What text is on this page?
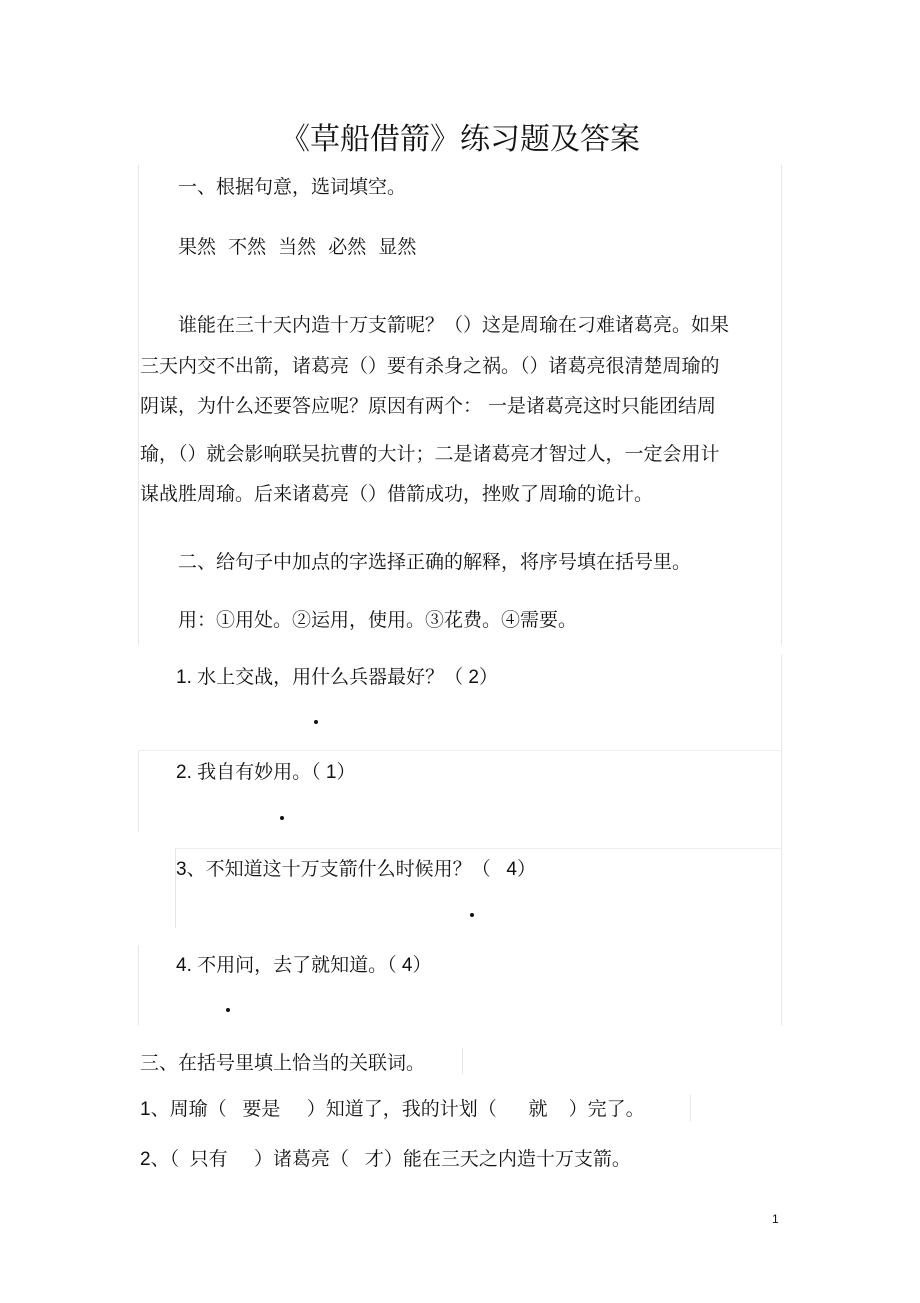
《草船借箭》练习题及答案
一、根据句意，选词填空。
果然  不然  当然  必然  显然
谁能在三十天内造十万支箭呢？（）这是周瑜在刁难诸葛亮。如果
三天内交不出箭，诸葛亮（）要有杀身之祸。（）诸葛亮很清楚周瑜的
阴谋，为什么还要答应呢？原因有两个： 一是诸葛亮这时只能团结周
瑜，（）就会影响联吴抗曹的大计；二是诸葛亮才智过人，一定会用计
谋战胜周瑜。后来诸葛亮（）借箭成功，挫败了周瑜的诡计。
二、给句子中加点的字选择正确的解释，将序号填在括号里。
用：①用处。②运用，使用。③花费。④需要。
1. 水上交战，用什么兵器最好？（ 2）
2. 我自有妙用。（ 1）
3、不知道这十万支箭什么时候用？（   4）
4. 不用问，去了就知道。（ 4）
三、在括号里填上恰当的关联词。
1、周瑜（   要是     ）知道了，我的计划（      就    ）完了。
2、（  只有     ）诸葛亮（   才）能在三天之内造十万支箭。
1
